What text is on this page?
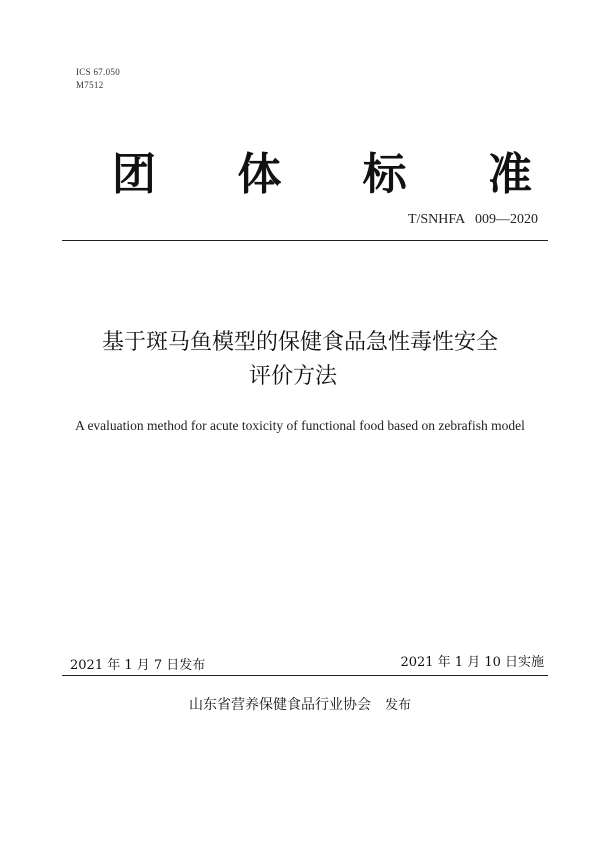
ICS 67.050
M7512
团 体 标 准
T/SNHFA   009—2020
基于斑马鱼模型的保健食品急性毒性安全
评价方法
A evaluation method for acute toxicity of functional food based on zebrafish model
2021 年 1 月 7 日发布	2021 年 1 月 10 日实施
山东省营养保健食品行业协会 发布
